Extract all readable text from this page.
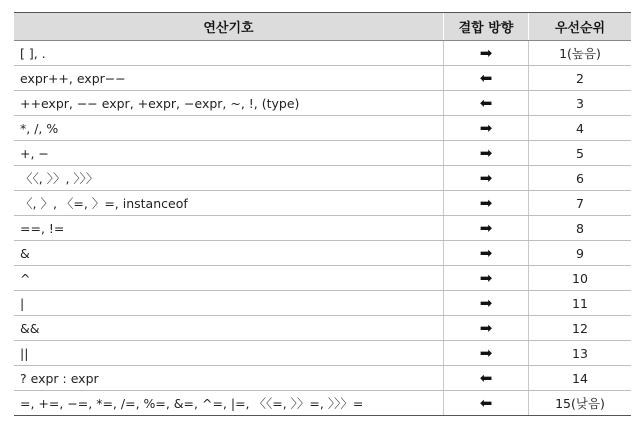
연산기호	결합 방향	우선순위
[ ], .	➡	1(높음)
expr++, expr−−	⬅	2
++expr, −− expr, +expr, −expr, ~, !, (type)	⬅	3
*, /, %	➡	4
+, −	➡	5
〈〈, 〉〉, 〉〉〉	➡	6
〈, 〉, 〈=, 〉=, instanceof	➡	7
==, !=	➡	8
&	➡	9
^	➡	10
|	➡	11
&&	➡	12
||	➡	13
? expr : expr	⬅	14
=, +=, −=, *=, /=, %=, &=, ^=, |=, 〈〈=, 〉〉=, 〉〉〉=	⬅	15(낮음)
